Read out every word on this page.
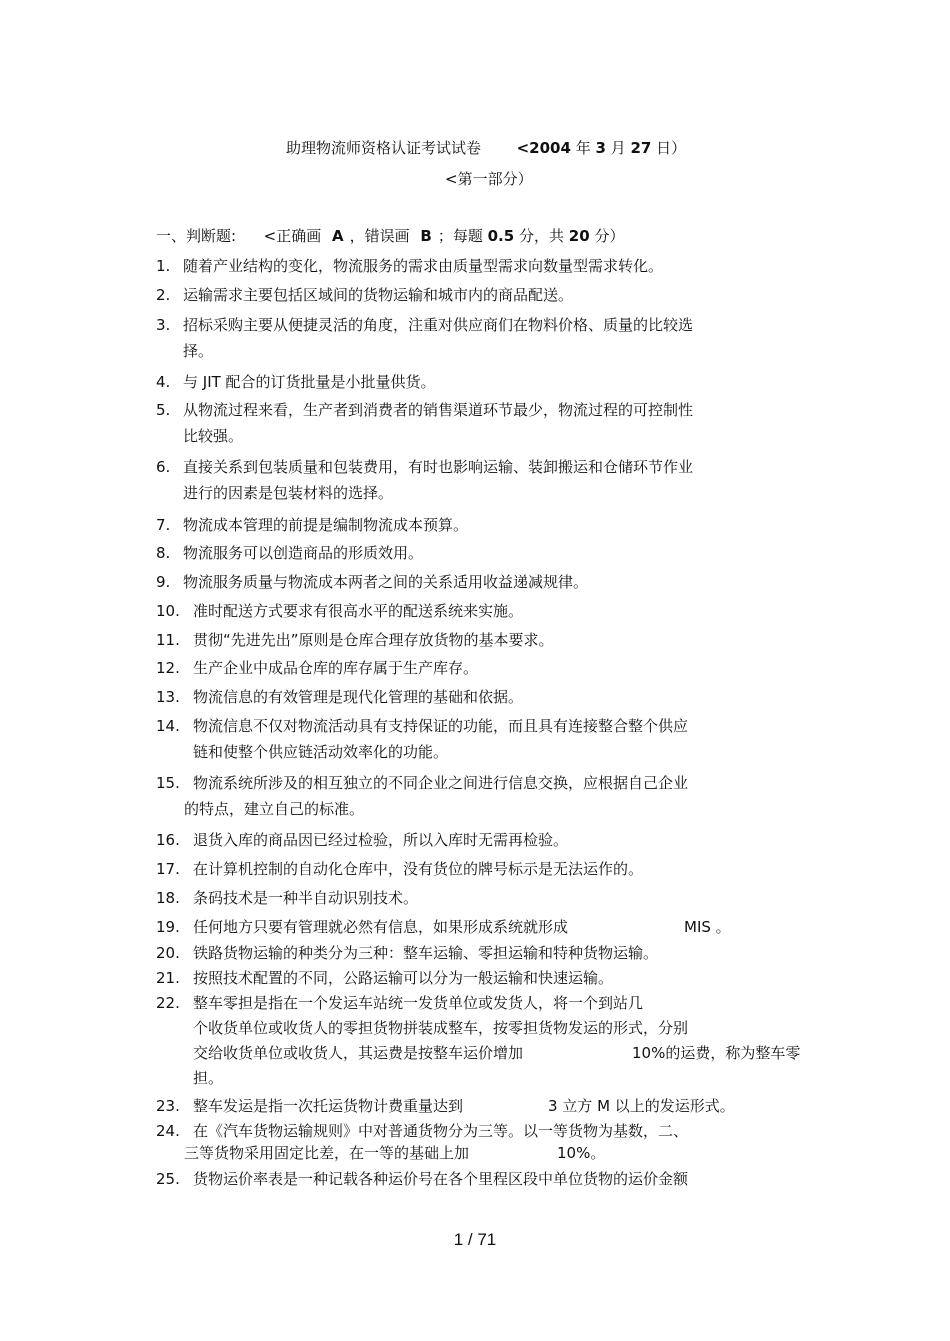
助理物流师资格认证考试试卷 <2004 年 3 月 27 日）
<第一部分）
一、判断题: <正确画 A ，错误画 B ；每题 0.5 分，共 20 分）
1. 随着产业结构的变化，物流服务的需求由质量型需求向数量型需求转化。
2. 运输需求主要包括区域间的货物运输和城市内的商品配送。
3. 招标采购主要从便捷灵活的角度，注重对供应商们在物料价格、质量的比较选
择。
4. 与 JIT 配合的订货批量是小批量供货。
5. 从物流过程来看，生产者到消费者的销售渠道环节最少，物流过程的可控制性
比较强。
6. 直接关系到包装质量和包装费用，有时也影响运输、装卸搬运和仓储环节作业
进行的因素是包装材料的选择。
7. 物流成本管理的前提是编制物流成本预算。
8. 物流服务可以创造商品的形质效用。
9. 物流服务质量与物流成本两者之间的关系适用收益递减规律。
10. 准时配送方式要求有很高水平的配送系统来实施。
11. 贯彻“先进先出”原则是仓库合理存放货物的基本要求。
12. 生产企业中成品仓库的库存属于生产库存。
13. 物流信息的有效管理是现代化管理的基础和依据。
14. 物流信息不仅对物流活动具有支持保证的功能，而且具有连接整合整个供应
链和使整个供应链活动效率化的功能。
15. 物流系统所涉及的相互独立的不同企业之间进行信息交换，应根据自己企业
的特点，建立自己的标准。
16. 退货入库的商品因已经过检验，所以入库时无需再检验。
17. 在计算机控制的自动化仓库中，没有货位的牌号标示是无法运作的。
18. 条码技术是一种半自动识别技术。
19. 任何地方只要有管理就必然有信息，如果形成系统就形成	MIS 。
20. 铁路货物运输的种类分为三种：整车运输、零担运输和特种货物运输。
21. 按照技术配置的不同，公路运输可以分为一般运输和快速运输。
22. 整车零担是指在一个发运车站统一发货单位或发货人，将一个到站几
个收货单位或收货人的零担货物拼装成整车，按零担货物发运的形式，分别
交给收货单位或收货人，其运费是按整车运价增加	10%的运费，称为整车零
担。
23. 整车发运是指一次托运货物计费重量达到	3 立方 M 以上的发运形式。
24. 在《汽车货物运输规则》中对普通货物分为三等。以一等货物为基数，二、
三等货物采用固定比差，在一等的基础上加	10%。
25. 货物运价率表是一种记载各种运价号在各个里程区段中单位货物的运价金额
1 / 71
